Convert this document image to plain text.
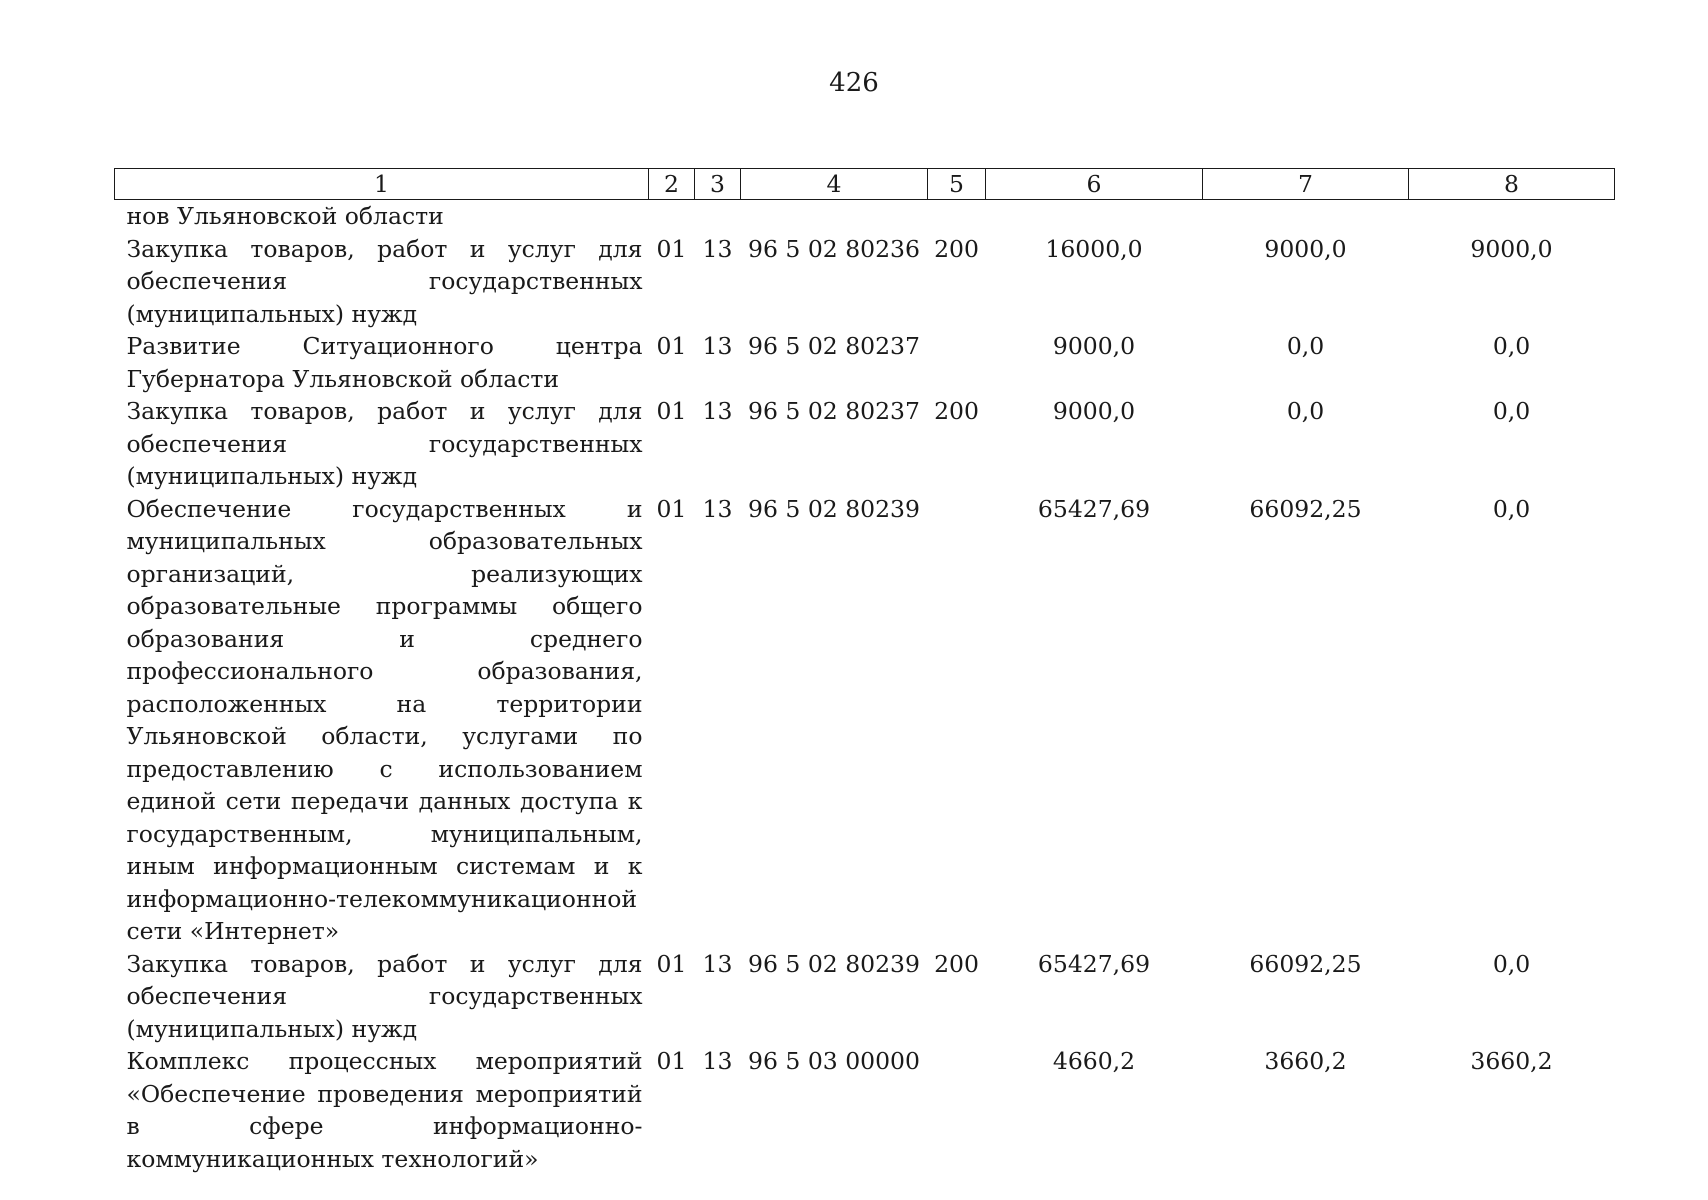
426
1	2	3	4	5	6	7	8
нов Ульяновской области							
Закупка товаров, работ и услуг для обеспечения государственных (муниципальных) нужд	01	13	96 5 02 80236	200	16000,0	9000,0	9000,0
Развитие Ситуационного центра Губернатора Ульяновской области	01	13	96 5 02 80237		9000,0	0,0	0,0
Закупка товаров, работ и услуг для обеспечения государственных (муниципальных) нужд	01	13	96 5 02 80237	200	9000,0	0,0	0,0
Обеспечение государственных и муниципальных образовательных организаций, реализующих образовательные программы общего образования и среднего профессионального образования, расположенных на территории Ульяновской области, услугами по предоставлению с использованием единой сети передачи данных доступа к государственным, муниципальным, иным информационным системам и к информационно-телекоммуникационной сети «Интернет»	01	13	96 5 02 80239		65427,69	66092,25	0,0
Закупка товаров, работ и услуг для обеспечения государственных (муниципальных) нужд	01	13	96 5 02 80239	200	65427,69	66092,25	0,0
Комплекс процессных мероприятий «Обеспечение проведения мероприятий в сфере информационно-коммуникационных технологий»	01	13	96 5 03 00000		4660,2	3660,2	3660,2
